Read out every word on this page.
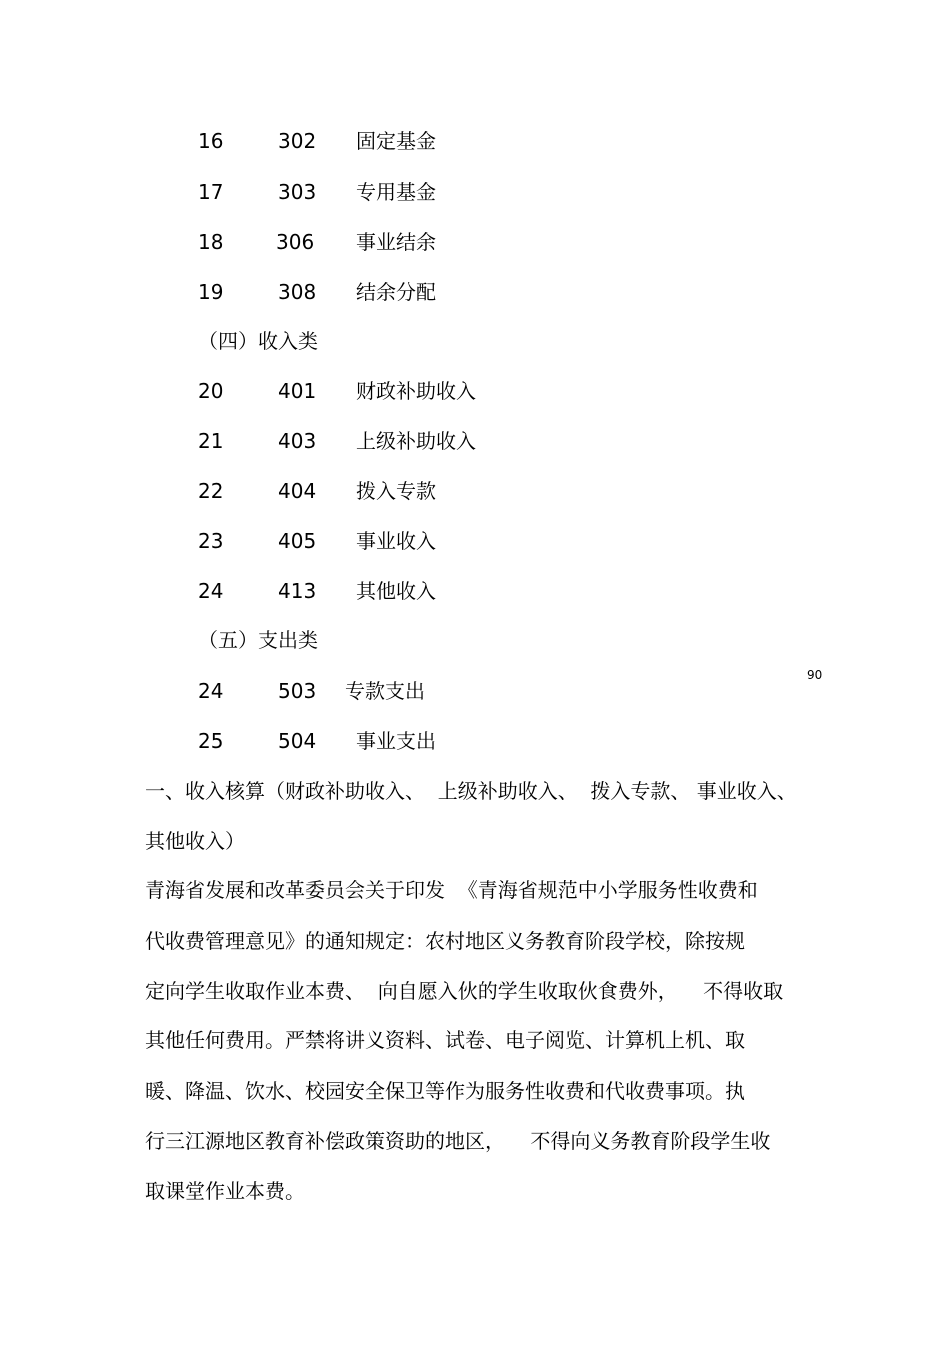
16	302 固定基金
17	303 专用基金
18	306 事业结余
19	308 结余分配
（四）收入类
20	401 财政补助收入
21	403 上级补助收入
22	404 拨入专款
23	405 事业收入
24	413 其他收入
（五）支出类
90
24	503 专款支出
25	504 事业支出
一、收入核算（财政补助收入、  上级补助收入、  拨入专款、 事业收入、
其他收入）
青海省发展和改革委员会关于印发  《青海省规范中小学服务性收费和
代收费管理意见》的通知规定：农村地区义务教育阶段学校，除按规
定向学生收取作业本费、  向自愿入伙的学生收取伙食费外，    不得收取
其他任何费用。严禁将讲义资料、试卷、电子阅览、计算机上机、取
暖、降温、饮水、校园安全保卫等作为服务性收费和代收费事项。执
行三江源地区教育补偿政策资助的地区，    不得向义务教育阶段学生收
取课堂作业本费。
